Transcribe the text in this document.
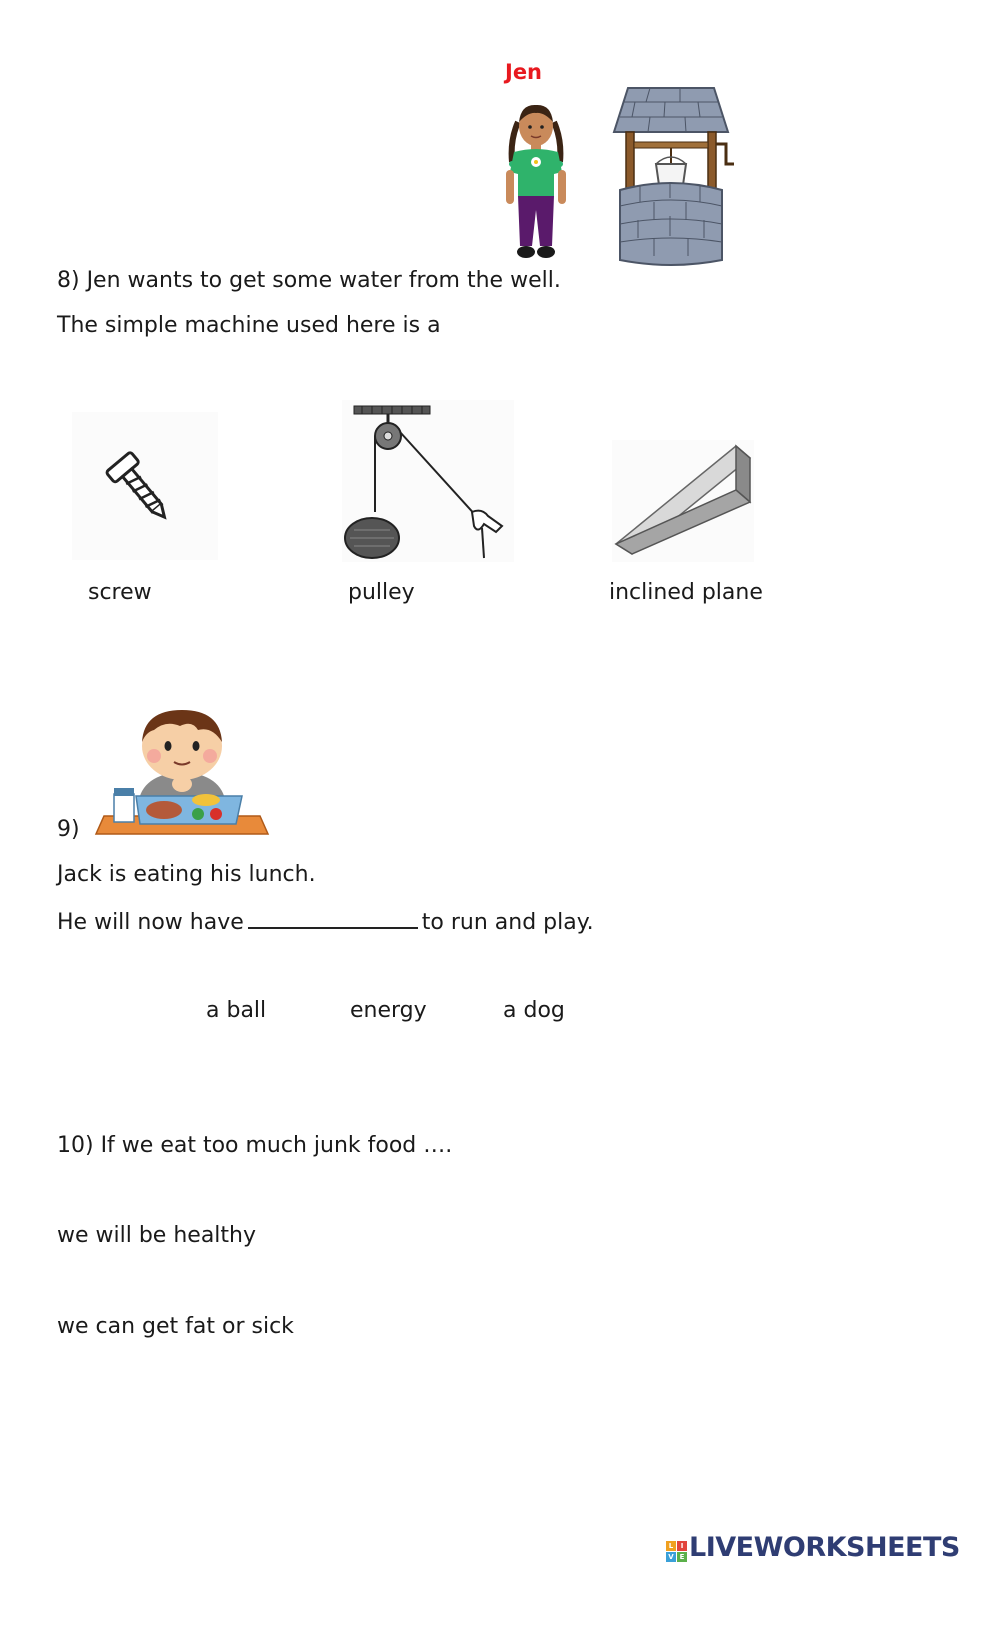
Jen
8) Jen wants to get some water from the well.
The simple machine used here is a
screw	pulley	inclined plane
9)
Jack is eating his lunch.
He will now have	to run and play.
a ball	energy	a dog
10) If we eat too much junk food ….
we will be healthy
we can get fat or sick
L	I
V E LIVEWORKSHEETS
